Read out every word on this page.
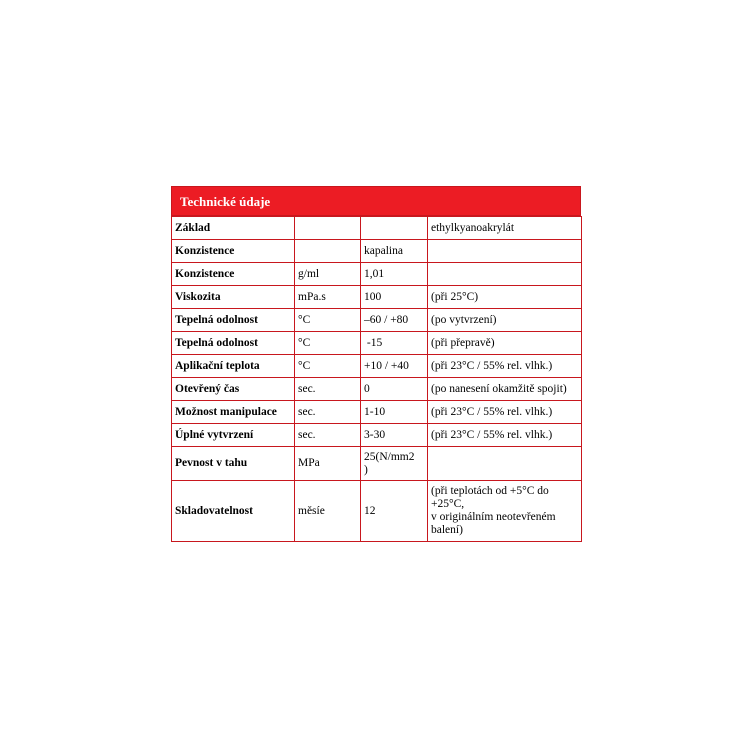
Technické údaje
Základ			ethylkyanoakrylát
Konzistence		kapalina	
Konzistence	g/ml	1,01	
Viskozita	mPa.s	100	(při 25°C)
Tepelná odolnost	°C	–60 / +80	(po vytvrzení)
Tepelná odolnost	°C	-15	(při přepravě)
Aplikační teplota	°C	+10 / +40	(při 23°C / 55% rel. vlhk.)
Otevřený čas	sec.	0	(po nanesení okamžitě spojit)
Možnost manipulace	sec.	1-10	(při 23°C / 55% rel. vlhk.)
Úplné vytvrzení	sec.	3-30	(při 23°C / 55% rel. vlhk.)
Pevnost v tahu	MPa	25(N/mm2
)	
Skladovatelnost	měsíe	12	(při teplotách od +5°C do +25°C,
v originálním neotevřeném balení)
